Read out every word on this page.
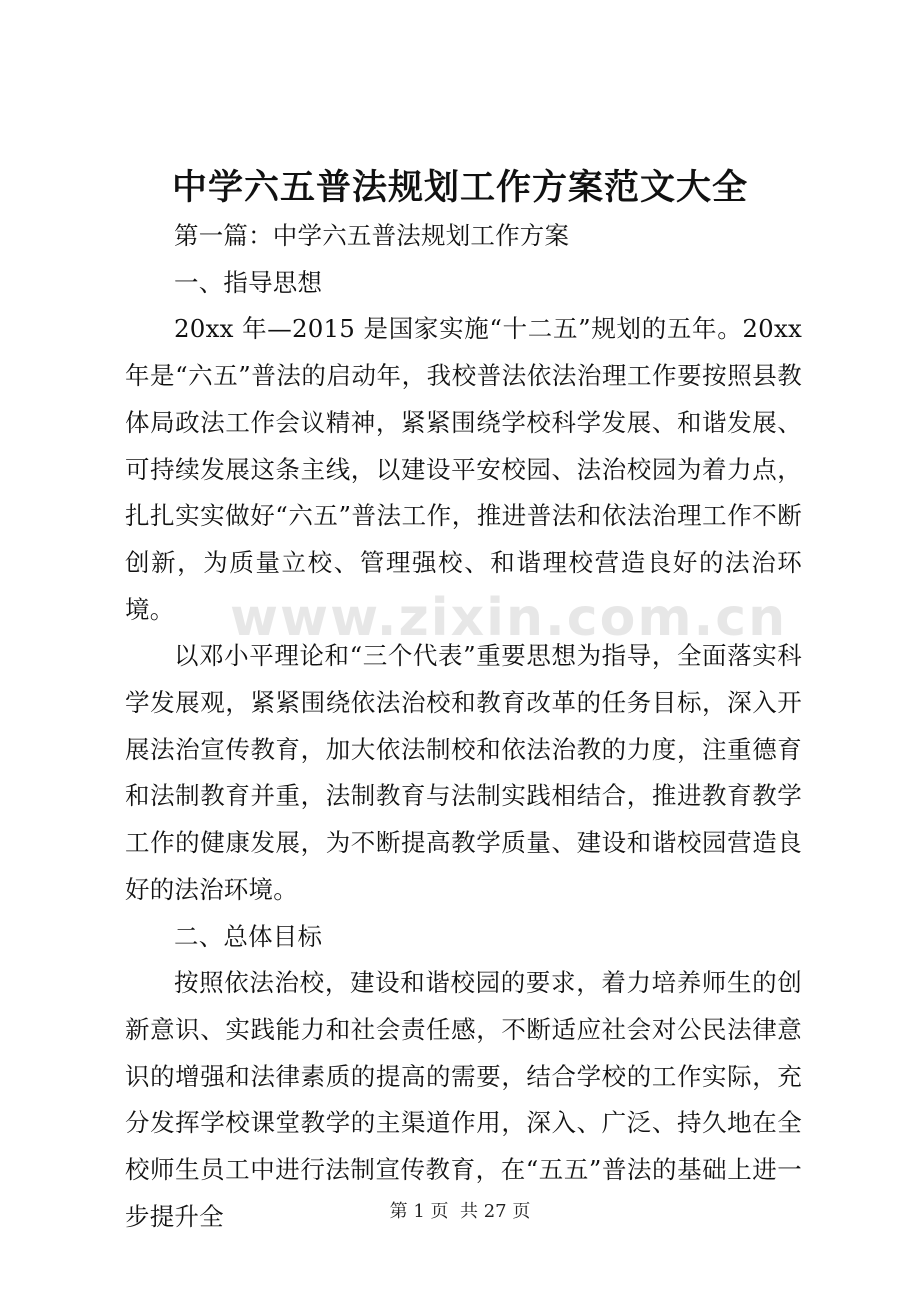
中学六五普法规划工作方案范文大全

第一篇：中学六五普法规划工作方案

一、指导思想

20xx 年—2015 是国家实施“十二五”规划的五年。20xx 年是“六五”普法的启动年，我校普法依法治理工作要按照县教体局政法工作会议精神，紧紧围绕学校科学发展、和谐发展、可持续发展这条主线，以建设平安校园、法治校园为着力点，扎扎实实做好“六五”普法工作，推进普法和依法治理工作不断创新，为质量立校、管理强校、和谐理校营造良好的法治环境。

以邓小平理论和“三个代表”重要思想为指导，全面落实科学发展观，紧紧围绕依法治校和教育改革的任务目标，深入开展法治宣传教育，加大依法制校和依法治教的力度，注重德育和法制教育并重，法制教育与法制实践相结合，推进教育教学工作的健康发展，为不断提高教学质量、建设和谐校园营造良好的法治环境。

二、总体目标

按照依法治校，建设和谐校园的要求，着力培养师生的创新意识、实践能力和社会责任感，不断适应社会对公民法律意识的增强和法律素质的提高的需要，结合学校的工作实际，充分发挥学校课堂教学的主渠道作用，深入、广泛、持久地在全校师生员工中进行法制宣传教育，在“五五”普法的基础上进一步提升全

www.zixin.com.cn
第 1 页  共 27 页
